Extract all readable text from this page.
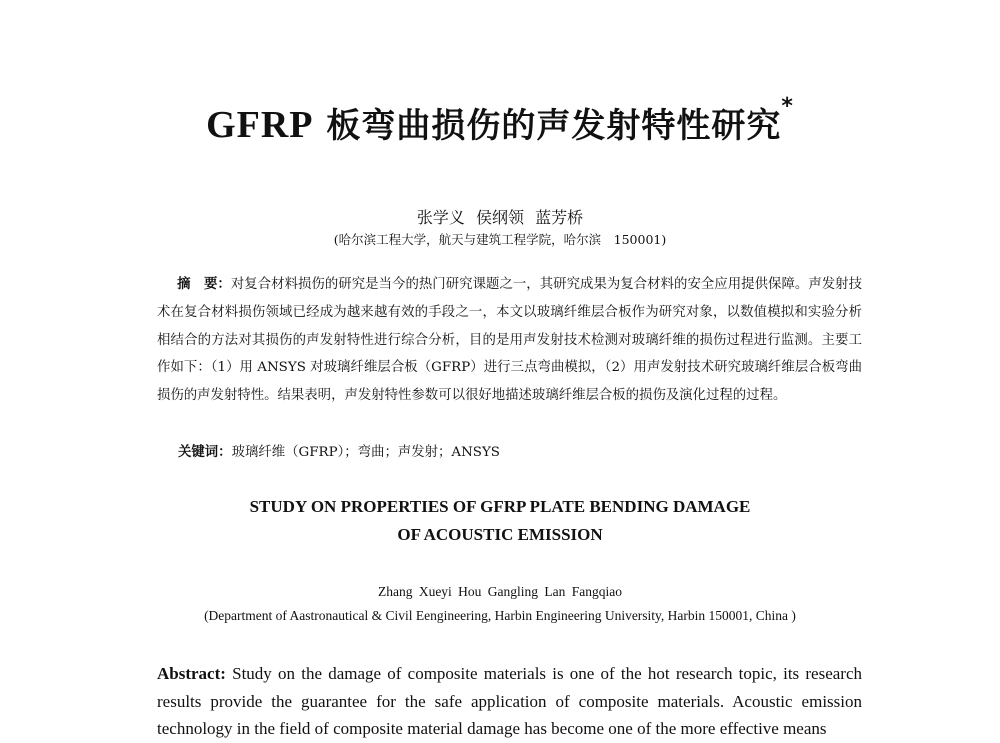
GFRP 板弯曲损伤的声发射特性研究*
张学义 侯纲领 蓝芳桥
(哈尔滨工程大学，航天与建筑工程学院，哈尔滨　150001)
  摘　要：对复合材料损伤的研究是当今的热门研究课题之一，其研究成果为复合材料的安全应用提供保障。声发射技术在复合材料损伤领域已经成为越来越有效的手段之一，本文以玻璃纤维层合板作为研究对象，以数值模拟和实验分析相结合的方法对其损伤的声发射特性进行综合分析，目的是用声发射技术检测对玻璃纤维的损伤过程进行监测。主要工作如下：（1）用 ANSYS 对玻璃纤维层合板（GFRP）进行三点弯曲模拟，（2）用声发射技术研究玻璃纤维层合板弯曲损伤的声发射特性。结果表明，声发射特性参数可以很好地描述玻璃纤维层合板的损伤及演化过程的过程。
关键词：玻璃纤维（GFRP）；弯曲；声发射；ANSYS
STUDY ON PROPERTIES OF GFRP PLATE BENDING DAMAGE
OF ACOUSTIC EMISSION
Zhang Xueyi Hou Gangling Lan Fangqiao
(Department of Aastronautical & Civil Eengineering, Harbin Engineering University, Harbin 150001, China )
Abstract: Study on the damage of composite materials is one of the hot research topic, its research results provide the guarantee for the safe application of composite materials. Acoustic emission technology in the field of composite material damage has become one of the more effective means
